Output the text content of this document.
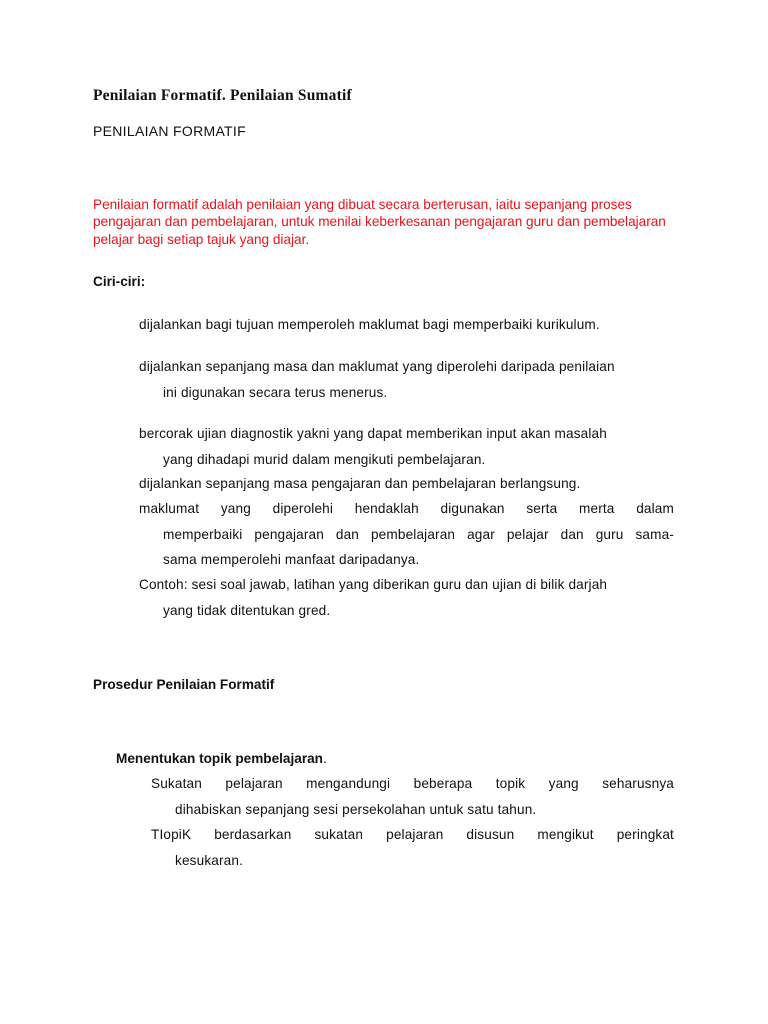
Penilaian Formatif. Penilaian Sumatif
PENILAIAN FORMATIF

Penilaian formatif adalah penilaian yang dibuat secara berterusan, iaitu sepanjang proses pengajaran dan pembelajaran, untuk menilai keberkesanan pengajaran guru dan pembelajaran pelajar bagi setiap tajuk yang diajar.

Ciri-ciri:
dijalankan bagi tujuan memperoleh maklumat bagi memperbaiki kurikulum.
dijalankan sepanjang masa dan maklumat yang diperolehi daripada penilaian
ini digunakan secara terus menerus.
bercorak ujian diagnostik yakni yang dapat memberikan input akan masalah
yang dihadapi murid dalam mengikuti pembelajaran.
dijalankan sepanjang masa pengajaran dan pembelajaran berlangsung.
maklumat yang diperolehi hendaklah digunakan serta merta dalam
memperbaiki pengajaran dan pembelajaran agar pelajar dan guru sama-
sama memperolehi manfaat daripadanya.
Contoh: sesi soal jawab, latihan yang diberikan guru dan ujian di bilik darjah
yang tidak ditentukan gred.
Prosedur Penilaian Formatif
Menentukan topik pembelajaran.
Sukatan pelajaran mengandungi beberapa topik yang seharusnya
dihabiskan sepanjang sesi persekolahan untuk satu tahun.
TIopiK berdasarkan sukatan pelajaran disusun mengikut peringkat
kesukaran.
